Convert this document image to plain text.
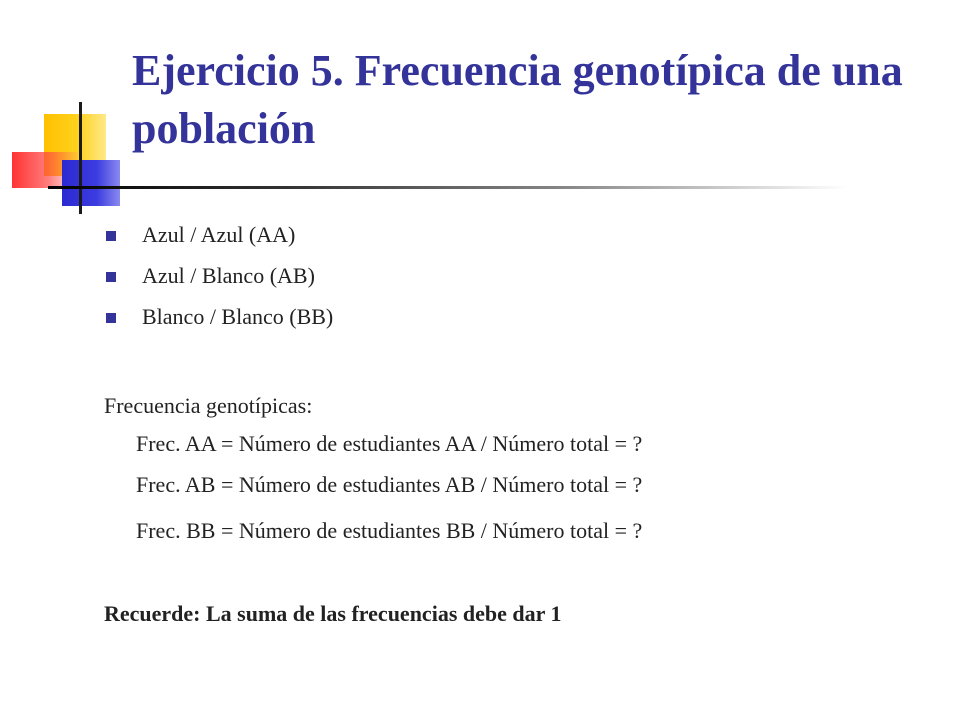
Ejercicio 5. Frecuencia genotípica de una población
Azul / Azul (AA)
Azul / Blanco (AB)
Blanco / Blanco (BB)
Frecuencia genotípicas:
Frec. AA = Número de estudiantes AA / Número total = ?
Frec. AB = Número de estudiantes AB / Número total = ?
Frec. BB = Número de estudiantes BB / Número total = ?
Recuerde: La suma de las frecuencias debe dar 1
